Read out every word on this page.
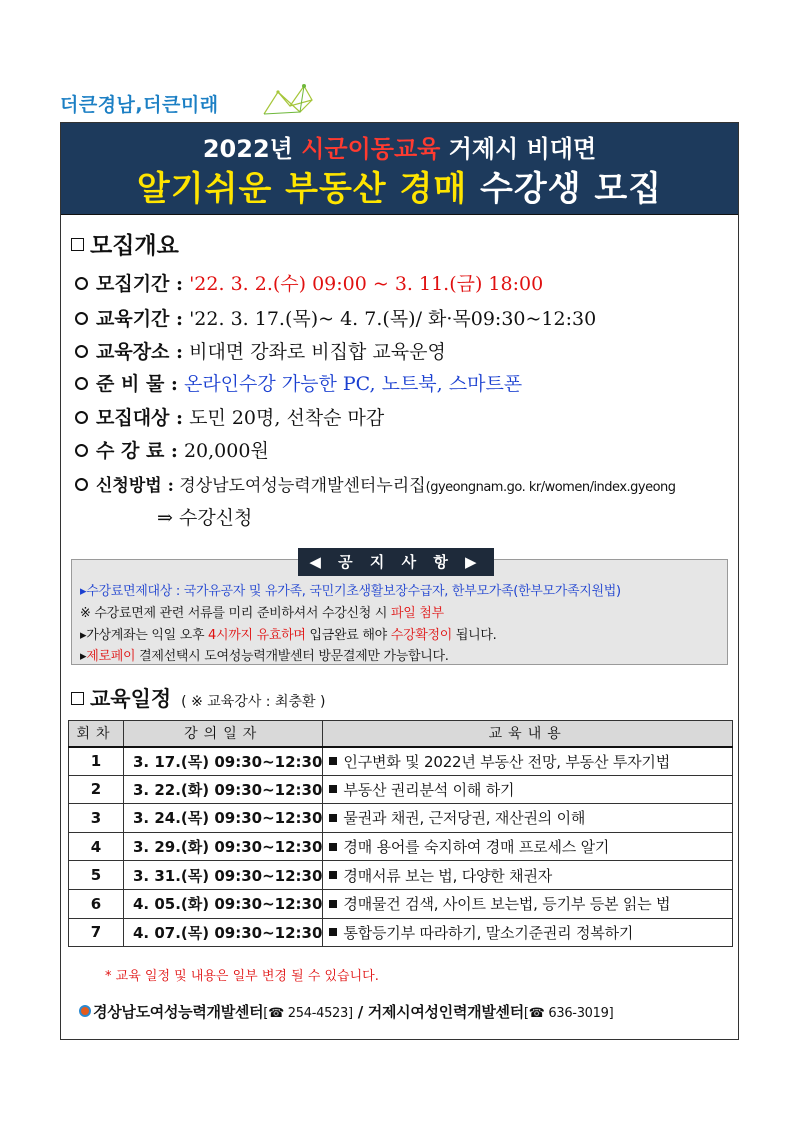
더큰경남,더큰미래
2022년 시군이동교육 거제시 비대면
알기쉬운 부동산 경매 수강생 모집
모집개요
모집기간 : '22. 3. 2.(수) 09:00 ~ 3. 11.(금) 18:00
교육기간 : '22. 3. 17.(목)~ 4. 7.(목)/ 화·목09:30~12:30
교육장소 : 비대면 강좌로 비집합 교육운영
준 비 물 : 온라인수강 가능한 PC, 노트북, 스마트폰
모집대상 : 도민 20명, 선착순 마감
수 강 료 : 20,000원
신청방법 : 경상남도여성능력개발센터누리집(gyeongnam.go. kr/women/index.gyeong
⇒ 수강신청
◀ 공 지 사 항 ▶
▸수강료면제대상 : 국가유공자 및 유가족, 국민기초생활보장수급자, 한부모가족(한부모가족지원법)
※ 수강료면제 관련 서류를 미리 준비하셔서 수강신청 시 파일 첨부
▸가상계좌는 익일 오후 4시까지 유효하며 입금완료 해야 수강확정이 됩니다.
▸제로페이 결제선택시 도여성능력개발센터 방문결제만 가능합니다.
교육일정 ( ※ 교육강사 : 최충환 )
회차	강의일자	교육내용
1	3. 17.(목) 09:30~12:30	인구변화 및 2022년 부동산 전망, 부동산 투자기법
2	3. 22.(화) 09:30~12:30	부동산 권리분석 이해 하기
3	3. 24.(목) 09:30~12:30	물권과 채권, 근저당권, 재산권의 이해
4	3. 29.(화) 09:30~12:30	경매 용어를 숙지하여 경매 프로세스 알기
5	3. 31.(목) 09:30~12:30	경매서류 보는 법, 다양한 채권자
6	4. 05.(화) 09:30~12:30	경매물건 검색, 사이트 보는법, 등기부 등본 읽는 법
7	4. 07.(목) 09:30~12:30	통합등기부 따라하기, 말소기준권리 정복하기
* 교육 일정 및 내용은 일부 변경 될 수 있습니다.
경상남도여성능력개발센터[☎ 254-4523] / 거제시여성인력개발센터[☎ 636-3019]
